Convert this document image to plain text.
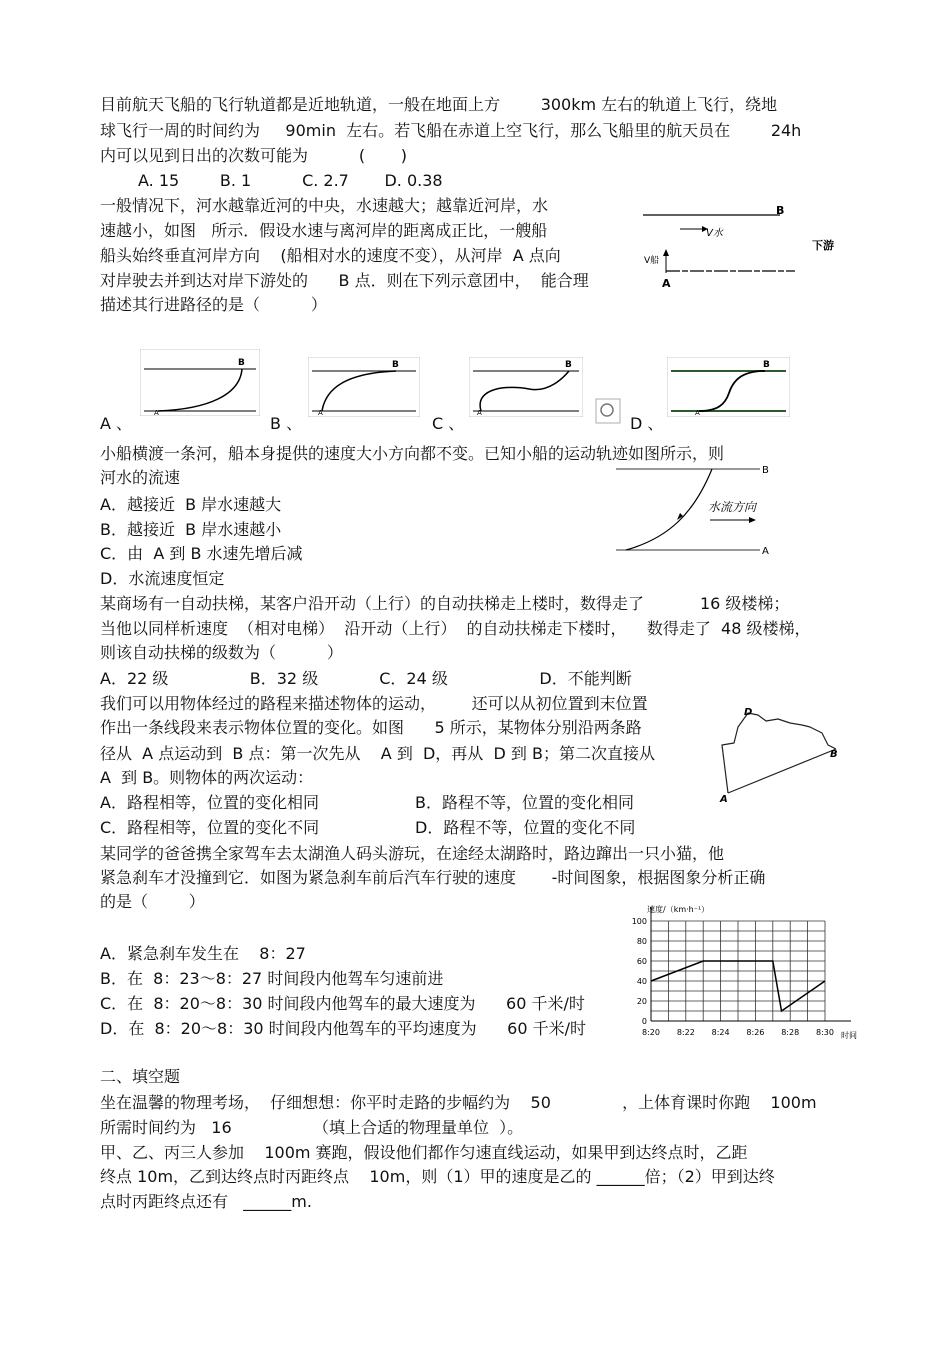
目前航天飞船的飞行轨道都是近地轨道，一般在地面上方        300km 左右的轨道上飞行，绕地
球飞行一周的时间约为     90min  左右。若飞船在赤道上空飞行，那么飞船里的航天员在        24h
内可以见到日出的次数可能为          (       )
A. 15        B. 1          C. 2.7       D. 0.38
一般情况下，河水越靠近河的中央，水速越大；越靠近河岸，水
速越小，如图   所示．假设水速与离河岸的距离成正比，一艘船
船头始终垂直河岸方向    (船相对水的速度不变），从河岸  A 点向
对岸驶去并到达对岸下游处的      B 点．则在下列示意团中，  能合理
描述其行进路径的是（          ）
B
V水
下游
V船
A
B
A
B
A
B
A
B
A
A 、	B 、	C 、	D 、
小船横渡一条河，船本身提供的速度大小方向都不变。已知小船的运动轨迹如图所示，则
河水的流速
A．越接近  B 岸水速越大
B．越接近  B 岸水速越小
C．由  A 到 B 水速先增后减
D．水流速度恒定
B
A
水流方向
某商场有一自动扶梯，某客户沿开动（上行）的自动扶梯走上楼时，数得走了           16 级楼梯；
当他以同样析速度  （相对电梯）  沿开动（上行）  的自动扶梯走下楼时，    数得走了  48 级楼梯，
则该自动扶梯的级数为（          ）
A．22 级                B．32 级            C．24 级                  D．不能判断
我们可以用物体经过的路程来描述物体的运动，       还可以从初位置到末位置
作出一条线段来表示物体位置的变化。如图      5 所示，某物体分别沿两条路
径从  A 点运动到  B 点：第一次先从    A 到  D，再从  D 到 B；第二次直接从
A  到 B。则物体的两次运动：
A．路程相等，位置的变化相同	B．路程不等，位置的变化相同
C．路程相等，位置的变化不同	D．路程不等，位置的变化不同
D
B
A
某同学的爸爸携全家驾车去太湖渔人码头游玩，在途经太湖路时，路边蹿出一只小猫，他
紧急刹车才没撞到它．如图为紧急刹车前后汽车行驶的速度       -时间图象，根据图象分析正确
的是（        ）
A．紧急刹车发生在    8：27
B．在  8：23～8：27 时间段内他驾车匀速前进
C．在  8：20～8：30 时间段内他驾车的最大速度为      60 千米/时
D．在  8：20～8：30 时间段内他驾车的平均速度为      60 千米/时	0
20
40
60
80
100
8:20 8:22 8:24 8:26 8:28 8:30
速度/（km·h⁻¹）
时间
二、填空题
坐在温馨的物理考场，  仔细想想：你平时走路的步幅约为    50              ，上体育课时你跑    100m
所需时间约为   16                （填上合适的物理量单位  ）。
甲、乙、丙三人参加    100m 赛跑，假设他们都作匀速直线运动，如果甲到达终点时，乙距
终点 10m，乙到达终点时丙距终点    10m，则（1）甲的速度是乙的 ______倍；（2）甲到达终
点时丙距终点还有   ______m.
